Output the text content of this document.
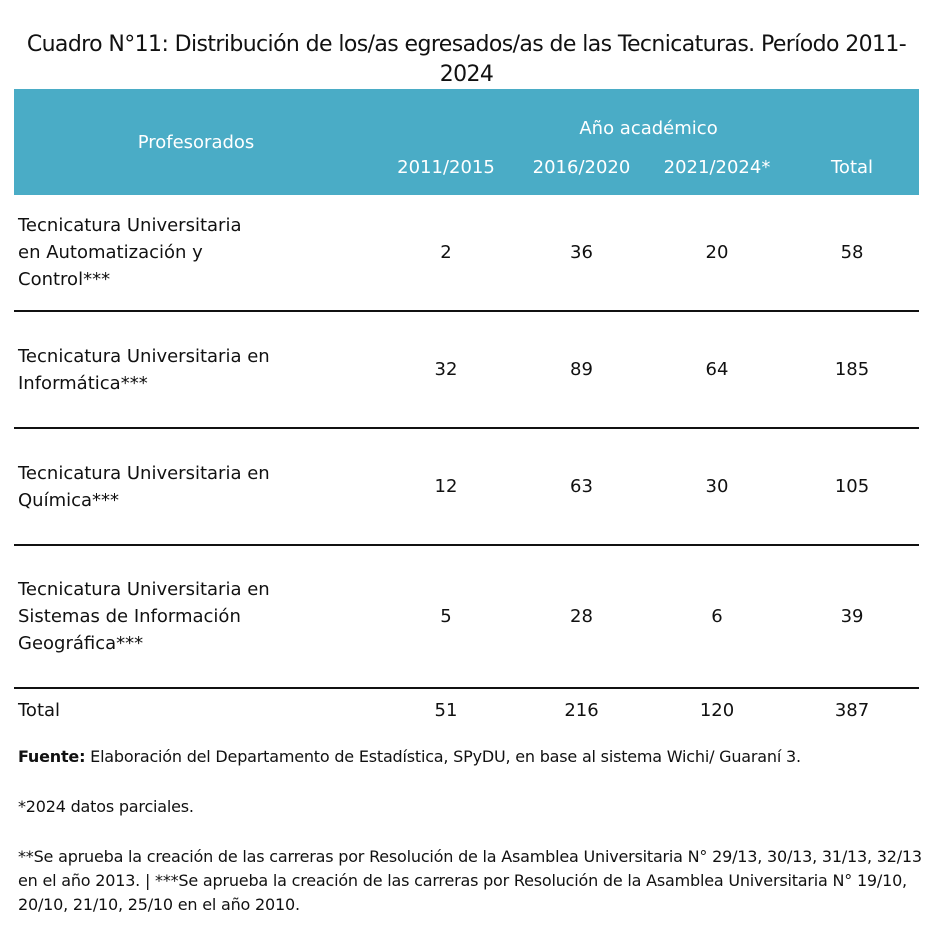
Cuadro N°11: Distribución de los/as egresados/as de las Tecnicaturas. Período 2011-2024
Profesorados	Año académico			
	2011/2015	2016/2020	2021/2024*	Total
Tecnicatura Universitaria en Automatización y Control***	2	36	20	58
Tecnicatura Universitaria en Informática***	32	89	64	185
Tecnicatura Universitaria en Química***	12	63	30	105
Tecnicatura Universitaria en Sistemas de Información Geográfica***	5	28	6	39
Total	51	216	120	387

Fuente: Elaboración del Departamento de Estadística, SPyDU, en base al sistema Wichi/ Guaraní 3.

*2024 datos parciales.

**Se aprueba la creación de las carreras por Resolución de la Asamblea Universitaria N° 29/13, 30/13, 31/13, 32/13 en el año 2013. | ***Se aprueba la creación de las carreras por Resolución de la Asamblea Universitaria N° 19/10, 20/10, 21/10, 25/10 en el año 2010.
